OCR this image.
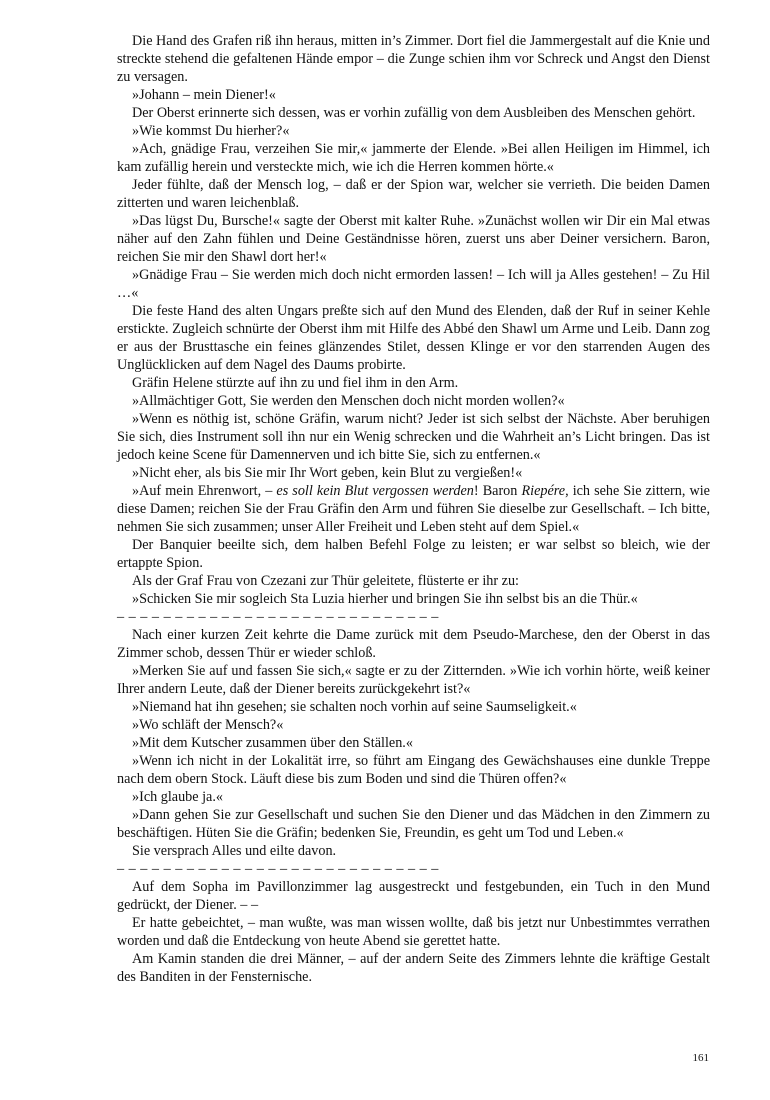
Die Hand des Grafen riß ihn heraus, mitten in’s Zimmer. Dort fiel die Jammergestalt auf die Knie und streckte stehend die gefaltenen Hände empor – die Zunge schien ihm vor Schreck und Angst den Dienst zu versagen.

»Johann – mein Diener!«

Der Oberst erinnerte sich dessen, was er vorhin zufällig von dem Ausbleiben des Menschen gehört.

»Wie kommst Du hierher?«

»Ach, gnädige Frau, verzeihen Sie mir,« jammerte der Elende. »Bei allen Heiligen im Himmel, ich kam zufällig herein und versteckte mich, wie ich die Herren kommen hörte.«

Jeder fühlte, daß der Mensch log, – daß er der Spion war, welcher sie verrieth. Die beiden Damen zitterten und waren leichenblaß.

»Das lügst Du, Bursche!« sagte der Oberst mit kalter Ruhe. »Zunächst wollen wir Dir ein Mal etwas näher auf den Zahn fühlen und Deine Geständnisse hören, zuerst uns aber Deiner versichern. Baron, reichen Sie mir den Shawl dort her!«

»Gnädige Frau – Sie werden mich doch nicht ermorden lassen! – Ich will ja Alles gestehen! – Zu Hil …«

Die feste Hand des alten Ungars preßte sich auf den Mund des Elenden, daß der Ruf in seiner Kehle erstickte. Zugleich schnürte der Oberst ihm mit Hilfe des Abbé den Shawl um Arme und Leib. Dann zog er aus der Brusttasche ein feines glänzendes Stilet, dessen Klinge er vor den starrenden Augen des Unglücklicken auf dem Nagel des Daums probirte.

Gräfin Helene stürzte auf ihn zu und fiel ihm in den Arm.

»Allmächtiger Gott, Sie werden den Menschen doch nicht morden wollen?«

»Wenn es nöthig ist, schöne Gräfin, warum nicht? Jeder ist sich selbst der Nächste. Aber beruhigen Sie sich, dies Instrument soll ihn nur ein Wenig schrecken und die Wahrheit an’s Licht bringen. Das ist jedoch keine Scene für Damennerven und ich bitte Sie, sich zu entfernen.«

»Nicht eher, als bis Sie mir Ihr Wort geben, kein Blut zu vergießen!«

»Auf mein Ehrenwort, – es soll kein Blut vergossen werden! Baron Riepére, ich sehe Sie zittern, wie diese Damen; reichen Sie der Frau Gräfin den Arm und führen Sie dieselbe zur Gesellschaft. – Ich bitte, nehmen Sie sich zusammen; unser Aller Freiheit und Leben steht auf dem Spiel.«

Der Banquier beeilte sich, dem halben Befehl Folge zu leisten; er war selbst so bleich, wie der ertappte Spion.

Als der Graf Frau von Czezani zur Thür geleitete, flüsterte er ihr zu:

»Schicken Sie mir sogleich Sta Luzia hierher und bringen Sie ihn selbst bis an die Thür.«

– – – – – – – – – – – – – – – – – – – – – – – – – – – –

Nach einer kurzen Zeit kehrte die Dame zurück mit dem Pseudo-Marchese, den der Oberst in das Zimmer schob, dessen Thür er wieder schloß.

»Merken Sie auf und fassen Sie sich,« sagte er zu der Zitternden. »Wie ich vorhin hörte, weiß keiner Ihrer andern Leute, daß der Diener bereits zurückgekehrt ist?«

»Niemand hat ihn gesehen; sie schalten noch vorhin auf seine Saumseligkeit.«

»Wo schläft der Mensch?«

»Mit dem Kutscher zusammen über den Ställen.«

»Wenn ich nicht in der Lokalität irre, so führt am Eingang des Gewächshauses eine dunkle Treppe nach dem obern Stock. Läuft diese bis zum Boden und sind die Thüren offen?«

»Ich glaube ja.«

»Dann gehen Sie zur Gesellschaft und suchen Sie den Diener und das Mädchen in den Zimmern zu beschäftigen. Hüten Sie die Gräfin; bedenken Sie, Freundin, es geht um Tod und Leben.«

Sie versprach Alles und eilte davon.

– – – – – – – – – – – – – – – – – – – – – – – – – – – –

Auf dem Sopha im Pavillonzimmer lag ausgestreckt und festgebunden, ein Tuch in den Mund gedrückt, der Diener. – –

Er hatte gebeichtet, – man wußte, was man wissen wollte, daß bis jetzt nur Unbestimmtes verrathen worden und daß die Entdeckung von heute Abend sie gerettet hatte.

Am Kamin standen die drei Männer, – auf der andern Seite des Zimmers lehnte die kräftige Gestalt des Banditen in der Fensternische.

161
